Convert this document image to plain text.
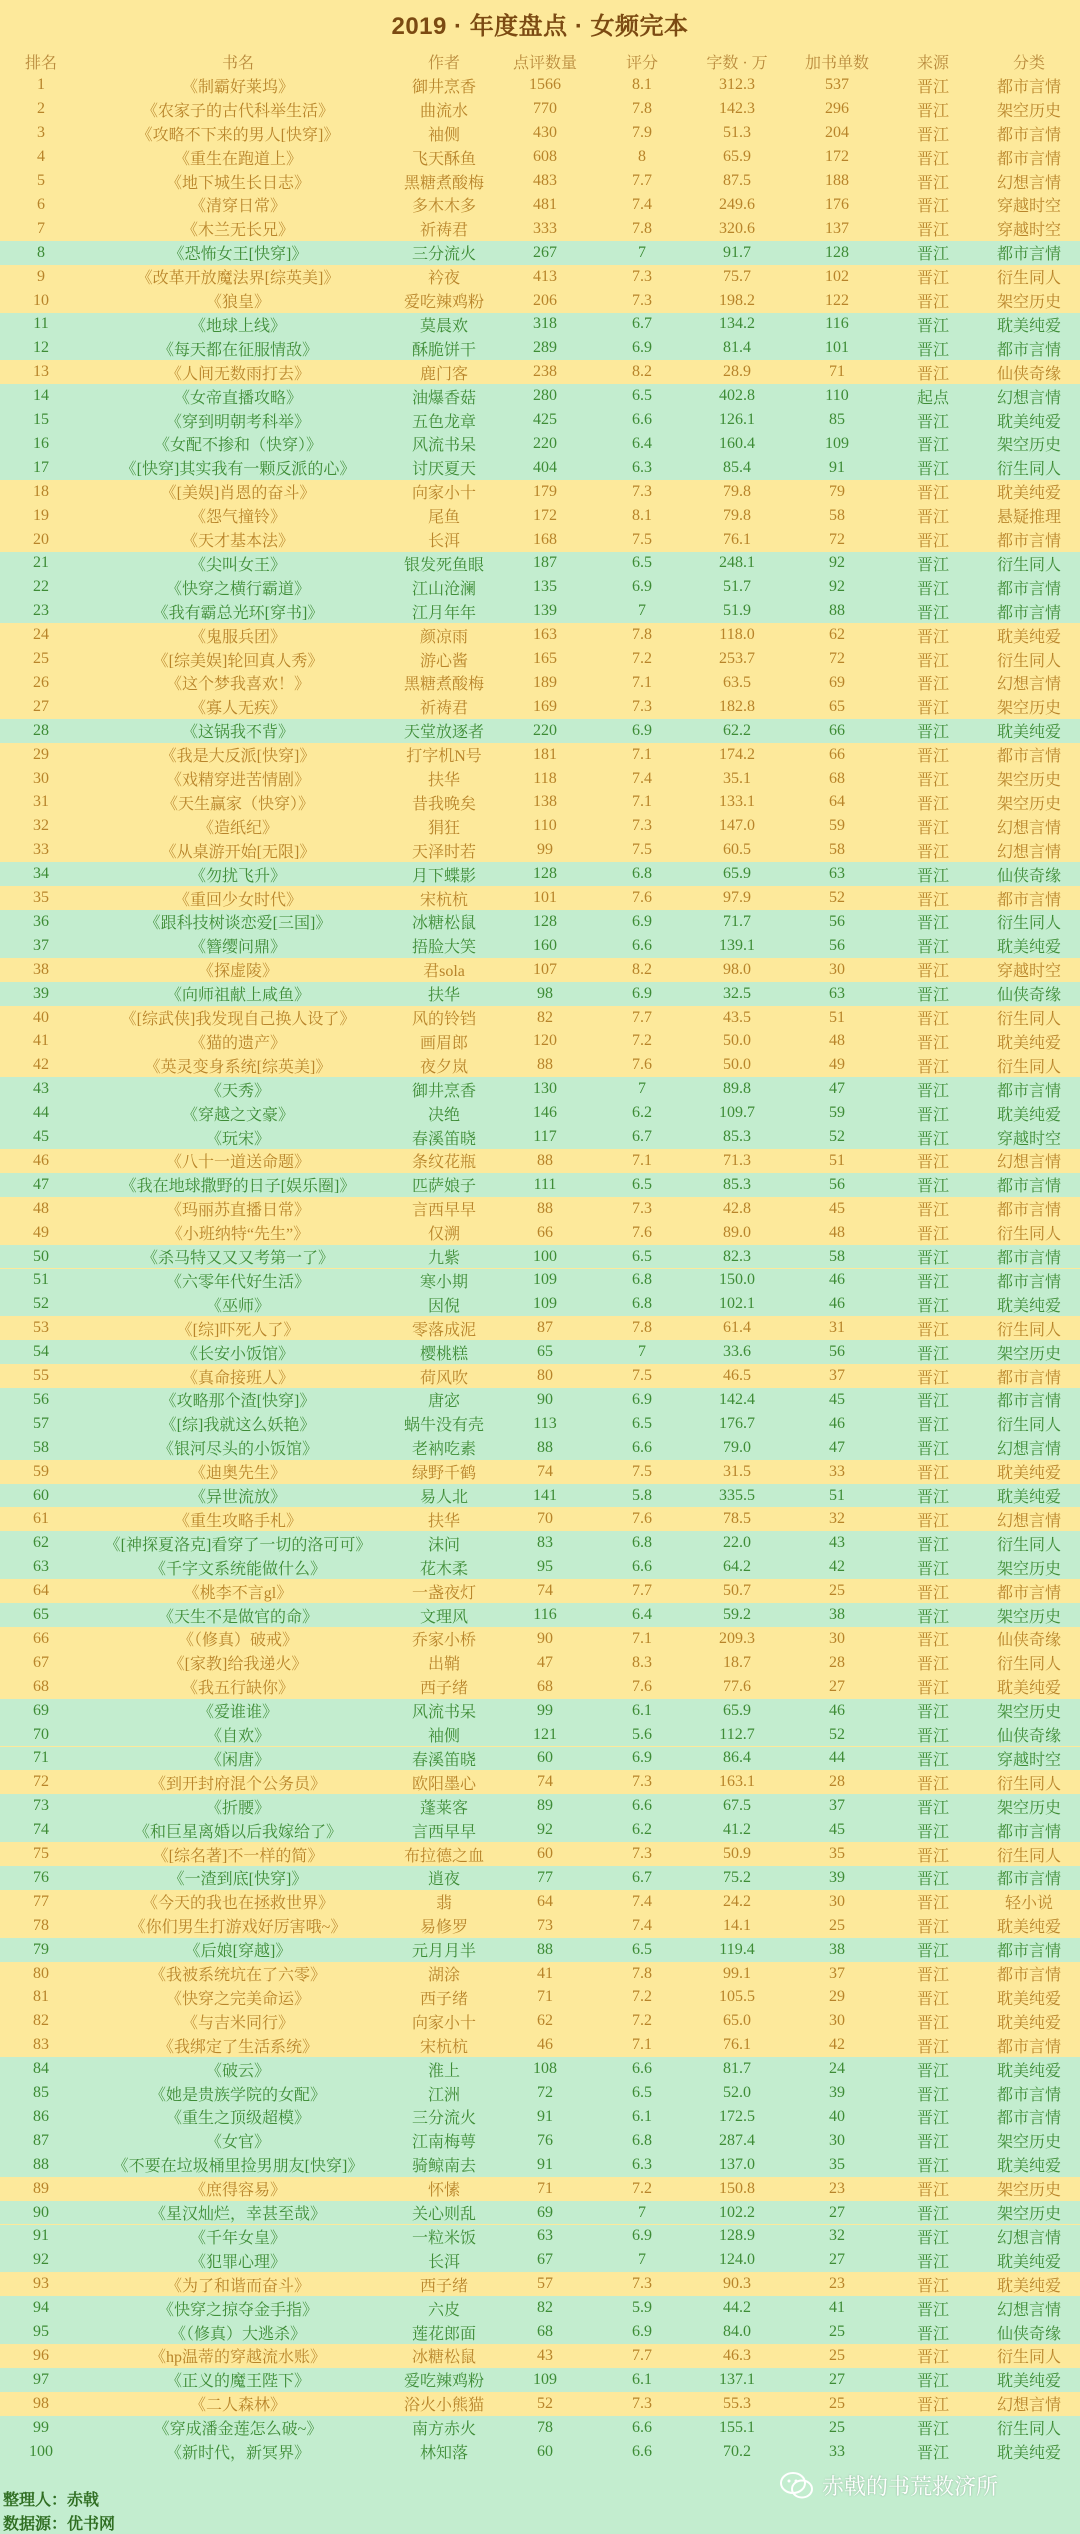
2019 · 年度盘点 · 女频完本
排名	书名	作者	点评数量	评分	字数 · 万	加书单数	来源	分类
1	《制霸好莱坞》	御井烹香	1566	8.1	312.3	537	晋江	都市言情
2	《农家子的古代科举生活》	曲流水	770	7.8	142.3	296	晋江	架空历史
3	《攻略不下来的男人[快穿]》	袖侧	430	7.9	51.3	204	晋江	都市言情
4	《重生在跑道上》	飞天酥鱼	608	8	65.9	172	晋江	都市言情
5	《地下城生长日志》	黑糖煮酸梅	483	7.7	87.5	188	晋江	幻想言情
6	《清穿日常》	多木木多	481	7.4	249.6	176	晋江	穿越时空
7	《木兰无长兄》	祈祷君	333	7.8	320.6	137	晋江	穿越时空
8	《恐怖女王[快穿]》	三分流火	267	7	91.7	128	晋江	都市言情
9	《改革开放魔法界[综英美]》	衿夜	413	7.3	75.7	102	晋江	衍生同人
10	《狼皇》	爱吃辣鸡粉	206	7.3	198.2	122	晋江	架空历史
11	《地球上线》	莫晨欢	318	6.7	134.2	116	晋江	耽美纯爱
12	《每天都在征服情敌》	酥脆饼干	289	6.9	81.4	101	晋江	都市言情
13	《人间无数雨打去》	鹿门客	238	8.2	28.9	71	晋江	仙侠奇缘
14	《女帝直播攻略》	油爆香菇	280	6.5	402.8	110	起点	幻想言情
15	《穿到明朝考科举》	五色龙章	425	6.6	126.1	85	晋江	耽美纯爱
16	《女配不掺和（快穿）》	风流书呆	220	6.4	160.4	109	晋江	架空历史
17	《[快穿]其实我有一颗反派的心》	讨厌夏天	404	6.3	85.4	91	晋江	衍生同人
18	《[美娱]肖恩的奋斗》	向家小十	179	7.3	79.8	79	晋江	耽美纯爱
19	《怨气撞铃》	尾鱼	172	8.1	79.8	58	晋江	悬疑推理
20	《天才基本法》	长洱	168	7.5	76.1	72	晋江	都市言情
21	《尖叫女王》	银发死鱼眼	187	6.5	248.1	92	晋江	衍生同人
22	《快穿之横行霸道》	江山沧澜	135	6.9	51.7	92	晋江	都市言情
23	《我有霸总光环[穿书]》	江月年年	139	7	51.9	88	晋江	都市言情
24	《鬼服兵团》	颜凉雨	163	7.8	118.0	62	晋江	耽美纯爱
25	《[综美娱]轮回真人秀》	游心酱	165	7.2	253.7	72	晋江	衍生同人
26	《这个梦我喜欢！》	黑糖煮酸梅	189	7.1	63.5	69	晋江	幻想言情
27	《寡人无疾》	祈祷君	169	7.3	182.8	65	晋江	架空历史
28	《这锅我不背》	天堂放逐者	220	6.9	62.2	66	晋江	耽美纯爱
29	《我是大反派[快穿]》	打字机N号	181	7.1	174.2	66	晋江	都市言情
30	《戏精穿进苦情剧》	扶华	118	7.4	35.1	68	晋江	架空历史
31	《天生赢家（快穿）》	昔我晚矣	138	7.1	133.1	64	晋江	架空历史
32	《造纸纪》	狷狂	110	7.3	147.0	59	晋江	幻想言情
33	《从桌游开始[无限]》	天泽时若	99	7.5	60.5	58	晋江	幻想言情
34	《勿扰飞升》	月下蝶影	128	6.8	65.9	63	晋江	仙侠奇缘
35	《重回少女时代》	宋杭杭	101	7.6	97.9	52	晋江	都市言情
36	《跟科技树谈恋爱[三国]》	冰糖松鼠	128	6.9	71.7	56	晋江	衍生同人
37	《簪缨问鼎》	捂脸大笑	160	6.6	139.1	56	晋江	耽美纯爱
38	《探虚陵》	君sola	107	8.2	98.0	30	晋江	穿越时空
39	《向师祖献上咸鱼》	扶华	98	6.9	32.5	63	晋江	仙侠奇缘
40	《[综武侠]我发现自己换人设了》	风的铃铛	82	7.7	43.5	51	晋江	衍生同人
41	《猫的遗产》	画眉郎	120	7.2	50.0	48	晋江	耽美纯爱
42	《英灵变身系统[综英美]》	夜夕岚	88	7.6	50.0	49	晋江	衍生同人
43	《天秀》	御井烹香	130	7	89.8	47	晋江	都市言情
44	《穿越之文豪》	决绝	146	6.2	109.7	59	晋江	耽美纯爱
45	《玩宋》	春溪笛晓	117	6.7	85.3	52	晋江	穿越时空
46	《八十一道送命题》	条纹花瓶	88	7.1	71.3	51	晋江	幻想言情
47	《我在地球撒野的日子[娱乐圈]》	匹萨娘子	111	6.5	85.3	56	晋江	都市言情
48	《玛丽苏直播日常》	言西早早	88	7.3	42.8	45	晋江	都市言情
49	《小班纳特“先生”》	仅溯	66	7.6	89.0	48	晋江	衍生同人
50	《杀马特又又又考第一了》	九紫	100	6.5	82.3	58	晋江	都市言情
51	《六零年代好生活》	寒小期	109	6.8	150.0	46	晋江	都市言情
52	《巫师》	因倪	109	6.8	102.1	46	晋江	耽美纯爱
53	《[综]吓死人了》	零落成泥	87	7.8	61.4	31	晋江	衍生同人
54	《长安小饭馆》	樱桃糕	65	7	33.6	56	晋江	架空历史
55	《真命接班人》	荷风吹	80	7.5	46.5	37	晋江	都市言情
56	《攻略那个渣[快穿]》	唐宓	90	6.9	142.4	45	晋江	都市言情
57	《[综]我就这么妖艳》	蜗牛没有壳	113	6.5	176.7	46	晋江	衍生同人
58	《银河尽头的小饭馆》	老衲吃素	88	6.6	79.0	47	晋江	幻想言情
59	《迪奥先生》	绿野千鹤	74	7.5	31.5	33	晋江	耽美纯爱
60	《异世流放》	易人北	141	5.8	335.5	51	晋江	耽美纯爱
61	《重生攻略手札》	扶华	70	7.6	78.5	32	晋江	幻想言情
62	《[神探夏洛克]看穿了一切的洛可可》	沫问	83	6.8	22.0	43	晋江	衍生同人
63	《千字文系统能做什么》	花木柔	95	6.6	64.2	42	晋江	架空历史
64	《桃李不言gl》	一盏夜灯	74	7.7	50.7	25	晋江	都市言情
65	《天生不是做官的命》	文理风	116	6.4	59.2	38	晋江	架空历史
66	《（修真）破戒》	乔家小桥	90	7.1	209.3	30	晋江	仙侠奇缘
67	《[家教]给我递火》	出鞘	47	8.3	18.7	28	晋江	衍生同人
68	《我五行缺你》	西子绪	68	7.6	77.6	27	晋江	耽美纯爱
69	《爱谁谁》	风流书呆	99	6.1	65.9	46	晋江	架空历史
70	《自欢》	袖侧	121	5.6	112.7	52	晋江	仙侠奇缘
71	《闲唐》	春溪笛晓	60	6.9	86.4	44	晋江	穿越时空
72	《到开封府混个公务员》	欧阳墨心	74	7.3	163.1	28	晋江	衍生同人
73	《折腰》	蓬莱客	89	6.6	67.5	37	晋江	架空历史
74	《和巨星离婚以后我嫁给了》	言西早早	92	6.2	41.2	45	晋江	都市言情
75	《[综名著]不一样的简》	布拉德之血	60	7.3	50.9	35	晋江	衍生同人
76	《一渣到底[快穿]》	逍夜	77	6.7	75.2	39	晋江	都市言情
77	《今天的我也在拯救世界》	翡	64	7.4	24.2	30	晋江	轻小说
78	《你们男生打游戏好厉害哦~》	易修罗	73	7.4	14.1	25	晋江	耽美纯爱
79	《后娘[穿越]》	元月月半	88	6.5	119.4	38	晋江	都市言情
80	《我被系统坑在了六零》	湖涂	41	7.8	99.1	37	晋江	都市言情
81	《快穿之完美命运》	西子绪	71	7.2	105.5	29	晋江	耽美纯爱
82	《与吉米同行》	向家小十	62	7.2	65.0	30	晋江	耽美纯爱
83	《我绑定了生活系统》	宋杭杭	46	7.1	76.1	42	晋江	都市言情
84	《破云》	淮上	108	6.6	81.7	24	晋江	耽美纯爱
85	《她是贵族学院的女配》	江洲	72	6.5	52.0	39	晋江	都市言情
86	《重生之顶级超模》	三分流火	91	6.1	172.5	40	晋江	都市言情
87	《女官》	江南梅萼	76	6.8	287.4	30	晋江	架空历史
88	《不要在垃圾桶里捡男朋友[快穿]》	骑鲸南去	91	6.3	137.0	35	晋江	耽美纯爱
89	《庶得容易》	怀愫	71	7.2	150.8	23	晋江	架空历史
90	《星汉灿烂，幸甚至哉》	关心则乱	69	7	102.2	27	晋江	架空历史
91	《千年女皇》	一粒米饭	63	6.9	128.9	32	晋江	幻想言情
92	《犯罪心理》	长洱	67	7	124.0	27	晋江	耽美纯爱
93	《为了和谐而奋斗》	西子绪	57	7.3	90.3	23	晋江	耽美纯爱
94	《快穿之掠夺金手指》	六皮	82	5.9	44.2	41	晋江	幻想言情
95	《（修真）大逃杀》	莲花郎面	68	6.9	84.0	25	晋江	仙侠奇缘
96	《hp温蒂的穿越流水账》	冰糖松鼠	43	7.7	46.3	25	晋江	衍生同人
97	《正义的魔王陛下》	爱吃辣鸡粉	109	6.1	137.1	27	晋江	耽美纯爱
98	《二人森林》	浴火小熊猫	52	7.3	55.3	25	晋江	幻想言情
99	《穿成潘金莲怎么破~》	南方赤火	78	6.6	155.1	25	晋江	衍生同人
100	《新时代，新冥界》	林知落	60	6.6	70.2	33	晋江	耽美纯爱
整理人：赤戟
数据源：优书网
赤戟的书荒救济所
